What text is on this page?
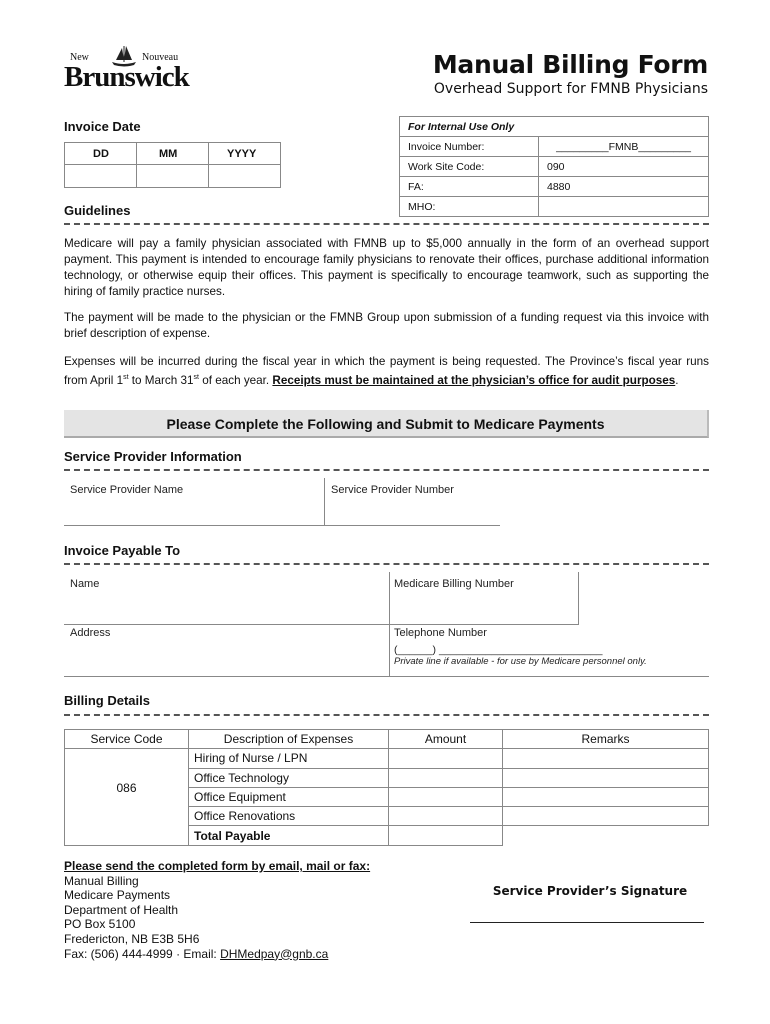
New	Nouveau
Brunswick	Manual Billing Form
Overhead Support for FMNB Physicians
Invoice Date
DD	MM	YYYY

For Internal Use Only	
Invoice Number:	_________FMNB_________
Work Site Code:	090
FA:	4880
MHO:	
Guidelines

Medicare will pay a family physician associated with FMNB up to $5,000 annually in the form of an overhead support payment. This payment is intended to encourage family physicians to renovate their offices, purchase additional information technology, or otherwise equip their offices. This payment is specifically to encourage teamwork, such as supporting the hiring of family practice nurses.

The payment will be made to the physician or the FMNB Group upon submission of a funding request via this invoice with brief description of expense.

Expenses will be incurred during the fiscal year in which the payment is being requested. The Province’s fiscal year runs from April 1st to March 31st of each year. Receipts must be maintained at the physician’s office for audit purposes.

Please Complete the Following and Submit to Medicare Payments
Service Provider Information
Service Provider Name	Service Provider Number
Invoice Payable To
Name	Medicare Billing Number
Address	Telephone Number
(______) ____________________________
Private line if available - for use by Medicare personnel only.
Billing Details
Service Code	Description of Expenses	Amount	Remarks
086	Hiring of Nurse / LPN		
	Office Technology		
	Office Equipment		
	Office Renovations		
	Total Payable		
Please send the completed form by email, mail or fax:
Manual Billing
Medicare Payments
Department of Health
PO Box 5100
Fredericton, NB E3B 5H6
Fax: (506) 444-4999 · Email: DHMedpay@gnb.ca
Service Provider’s Signature
